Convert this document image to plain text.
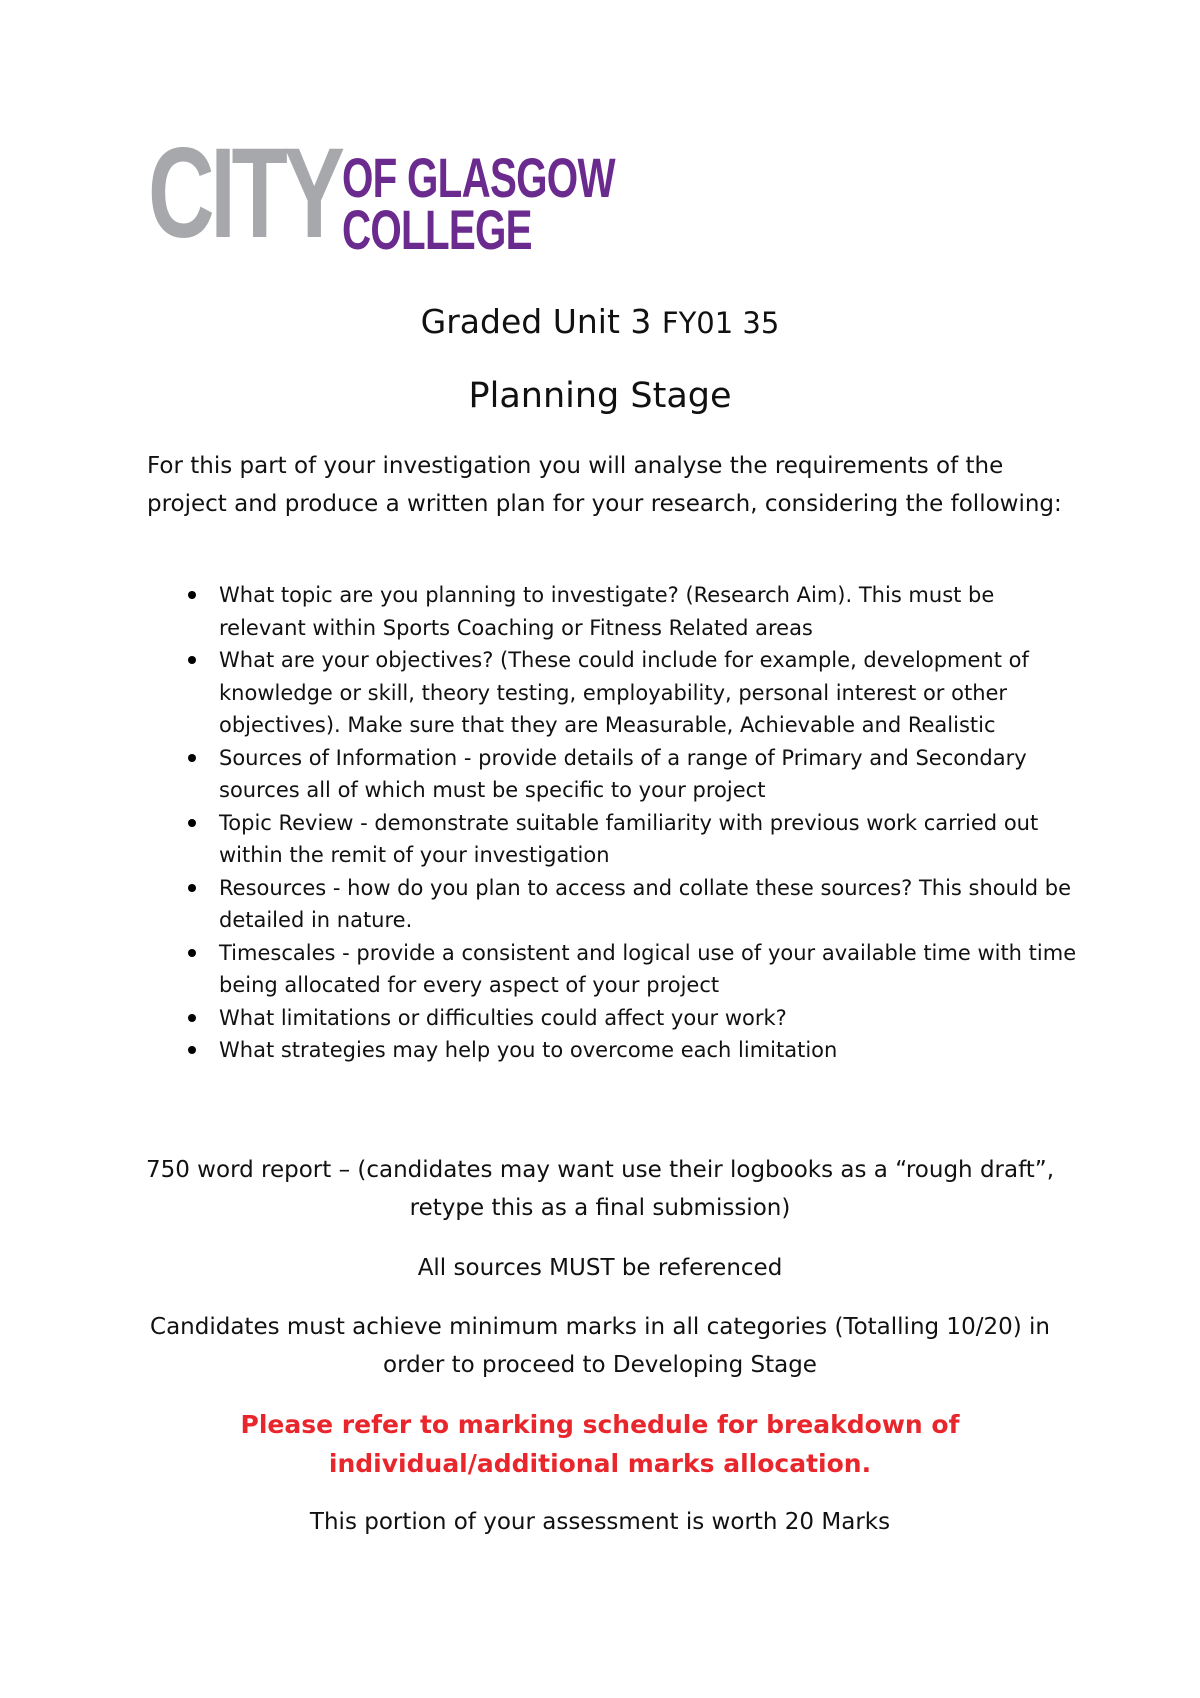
CITY OF GLASGOW
COLLEGE
Graded Unit 3 FY01 35
Planning Stage
For this part of your investigation you will analyse the requirements of the project and produce a written plan for your research, considering the following:
What topic are you planning to investigate? (Research Aim). This must be relevant within Sports Coaching or Fitness Related areas
What are your objectives? (These could include for example, development of knowledge or skill, theory testing, employability, personal interest or other objectives). Make sure that they are Measurable, Achievable and Realistic
Sources of Information - provide details of a range of Primary and Secondary sources all of which must be specific to your project
Topic Review - demonstrate suitable familiarity with previous work carried out within the remit of your investigation
Resources - how do you plan to access and collate these sources? This should be detailed in nature.
Timescales - provide a consistent and logical use of your available time with time being allocated for every aspect of your project
What limitations or difficulties could affect your work?
What strategies may help you to overcome each limitation
750 word report – (candidates may want use their logbooks as a “rough draft”, retype this as a final submission)
All sources MUST be referenced
Candidates must achieve minimum marks in all categories (Totalling 10/20) in order to proceed to Developing Stage
Please refer to marking schedule for breakdown of individual/additional marks allocation.
This portion of your assessment is worth 20 Marks
